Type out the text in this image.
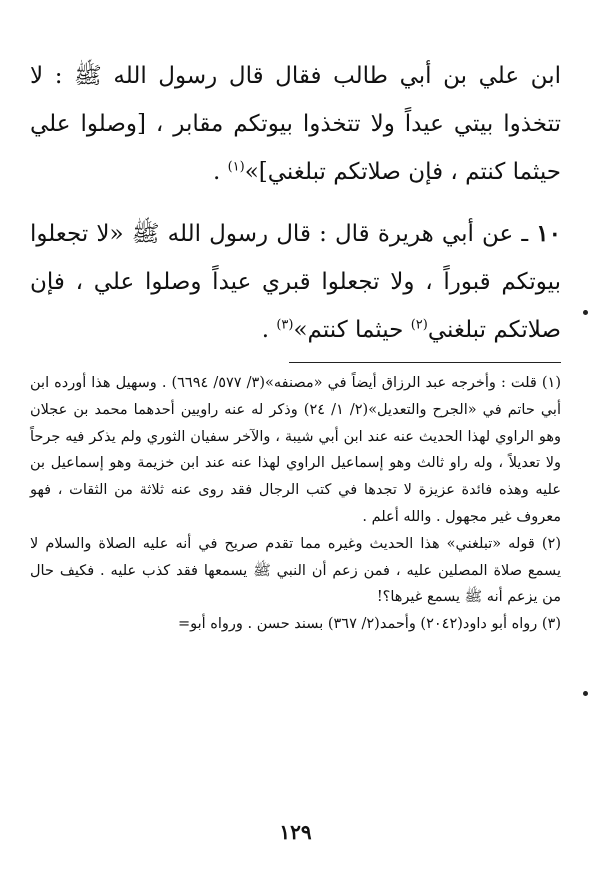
ابن علي بن أبي طالب فقال قال رسول الله ﷺ : لا تتخذوا بيتي عيداً ولا تتخذوا بيوتكم مقابر ، [وصلوا علي حيثما كنتم ، فإن صلاتكم تبلغني]»$^{(١)}$ .

١٠ ـ عن أبي هريرة قال : قال رسول الله ﷺ «لا تجعلوا بيوتكم قبوراً ، ولا تجعلوا قبري عيداً وصلوا علي ، فإن صلاتكم تبلغني$^{(٢)}$ حيثما كنتم»$^{(٣)}$ .

(١) قلت : وأخرجه عبد الرزاق أيضاً في «مصنفه»(٣/ ٥٧٧/ ٦٦٩٤) . وسهيل هذا أورده ابن أبي حاتم في «الجرح والتعديل»(٢/ ١/ ٢٤) وذكر له عنه راويين أحدهما محمد بن عجلان وهو الراوي لهذا الحديث عنه عند ابن أبي شيبة ، والآخر سفيان الثوري ولم يذكر فيه جرحاً ولا تعديلاً ، وله راو ثالث وهو إسماعيل الراوي لهذا عنه عند ابن خزيمة وهو إسماعيل بن عليه وهذه فائدة عزيزة لا تجدها في كتب الرجال فقد روى عنه ثلاثة من الثقات ، فهو معروف غير مجهول . والله أعلم .

(٢) قوله «تبلغني» هذا الحديث وغيره مما تقدم صريح في أنه عليه الصلاة والسلام لا يسمع صلاة المصلين عليه ، فمن زعم أن النبي ﷺ يسمعها فقد كذب عليه . فكيف حال من يزعم أنه ﷺ يسمع غيرها؟!

(٣) رواه أبو داود(٢٠٤٢) وأحمد(٢/ ٣٦٧) بسند حسن . ورواه أبو=

١٢٩
